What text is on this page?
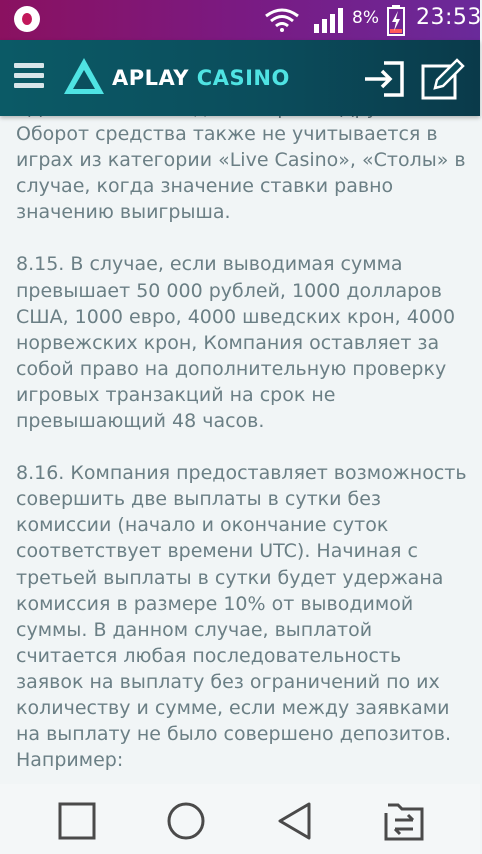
8% 23:53
APLAY CASINO

Оборот средства также не учитывается в играх из категории «Live Casino», «Столы» в случае, когда значение ставки равно значению выигрыша.

8.15. В случае, если выводимая сумма превышает 50 000 рублей, 1000 долларов США, 1000 евро, 4000 шведских крон, 4000 норвежских крон, Компания оставляет за собой право на дополнительную проверку игровых транзакций на срок не превышающий 48 часов.

8.16. Компания предоставляет возможность совершить две выплаты в сутки без комиссии (начало и окончание суток соответствует времени UTC). Начиная с третьей выплаты в сутки будет удержана комиссия в размере 10% от выводимой суммы. В данном случае, выплатой считается любая последовательность заявок на выплату без ограничений по их количеству и сумме, если между заявками на выплату не было совершено депозитов. Например:
